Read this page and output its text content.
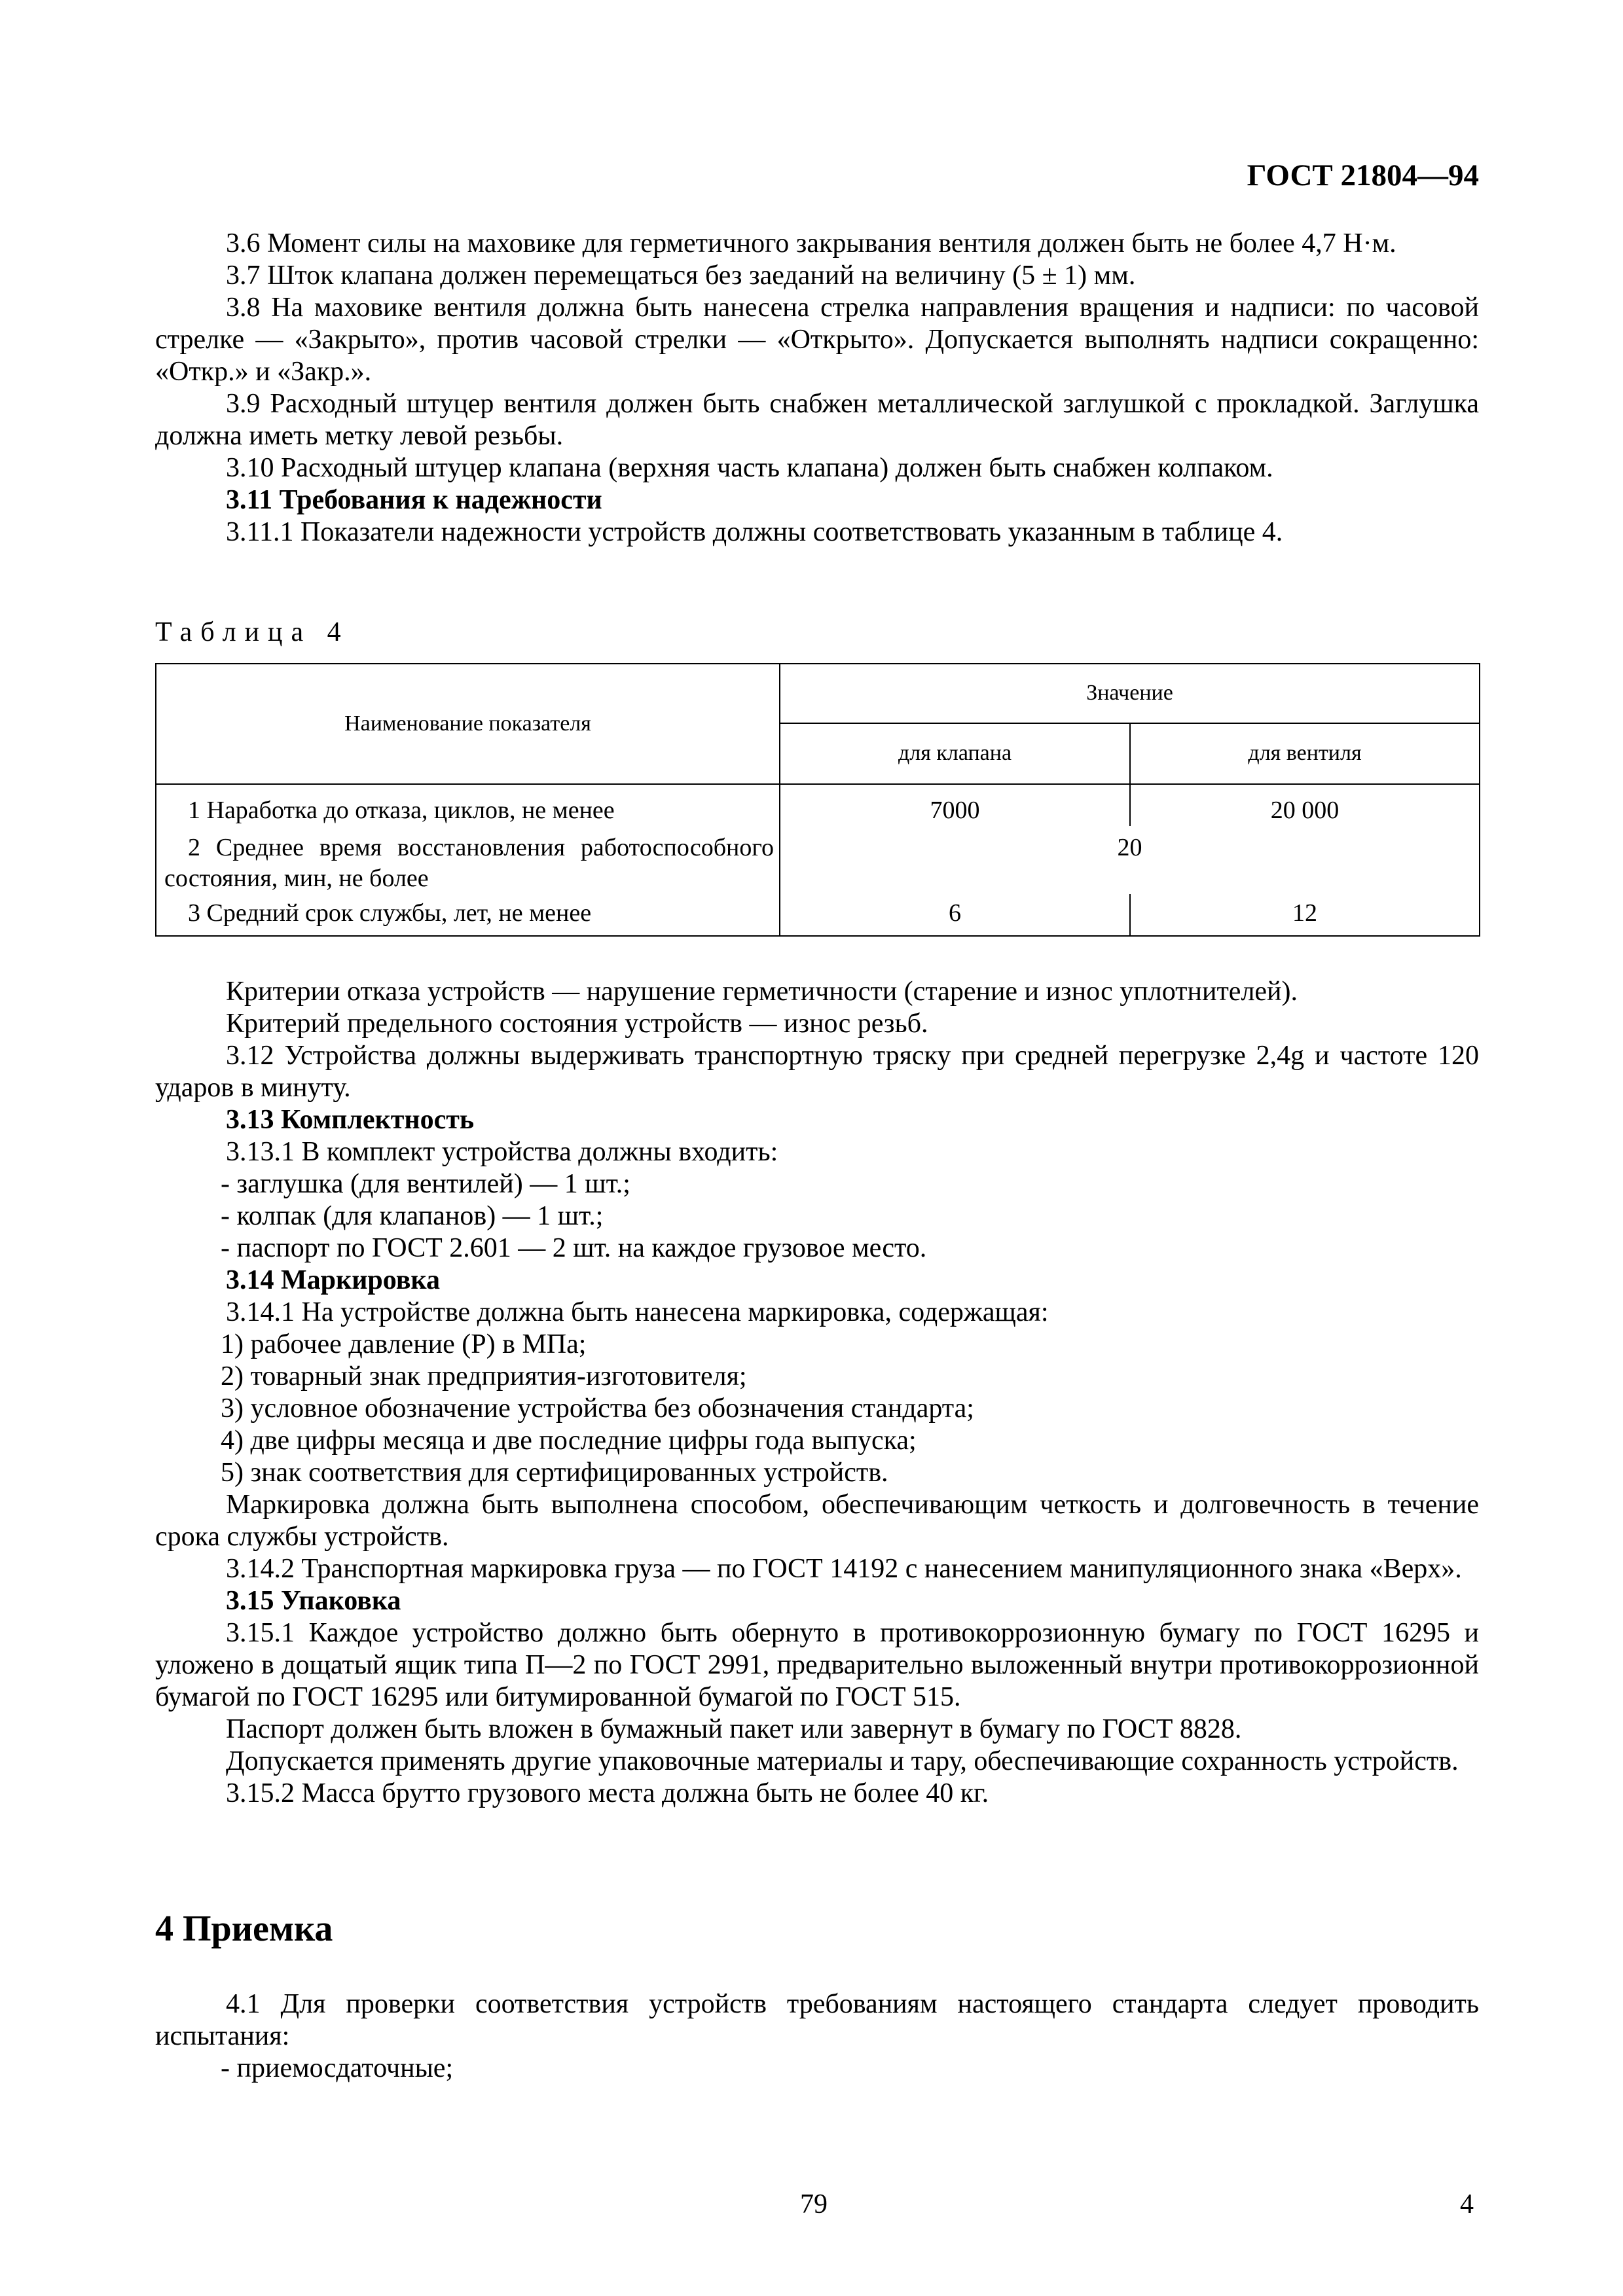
ГОСТ 21804—94
3.6 Момент силы на маховике для герметичного закрывания вентиля должен быть не более 4,7 Н·м.
3.7 Шток клапана должен перемещаться без заеданий на величину (5 ± 1) мм.
3.8 На маховике вентиля должна быть нанесена стрелка направления вращения и надписи: по часовой стрелке — «Закрыто», против часовой стрелки — «Открыто». Допускается выполнять надписи сокращенно: «Откр.» и «Закр.».
3.9 Расходный штуцер вентиля должен быть снабжен металлической заглушкой с прокладкой. Заглушка должна иметь метку левой резьбы.
3.10 Расходный штуцер клапана (верхняя часть клапана) должен быть снабжен колпаком.
3.11 Требования к надежности
3.11.1 Показатели надежности устройств должны соответствовать указанным в таблице 4.
Таблица 4
Наименование показателя	Значение	
	для клапана	для вентиля
1 Наработка до отказа, циклов, не менее	7000	20 000
2 Среднее время восстановления работоспособного состояния, мин, не более	20	
3 Средний срок службы, лет, не менее	6	12
Критерии отказа устройств — нарушение герметичности (старение и износ уплотнителей).
Критерий предельного состояния устройств — износ резьб.
3.12 Устройства должны выдерживать транспортную тряску при средней перегрузке 2,4g и частоте 120 ударов в минуту.
3.13 Комплектность
3.13.1 В комплект устройства должны входить:
- заглушка (для вентилей) — 1 шт.;
- колпак (для клапанов) — 1 шт.;
- паспорт по ГОСТ 2.601 — 2 шт. на каждое грузовое место.
3.14 Маркировка
3.14.1 На устройстве должна быть нанесена маркировка, содержащая:
1) рабочее давление (P) в МПа;
2) товарный знак предприятия-изготовителя;
3) условное обозначение устройства без обозначения стандарта;
4) две цифры месяца и две последние цифры года выпуска;
5) знак соответствия для сертифицированных устройств.
Маркировка должна быть выполнена способом, обеспечивающим четкость и долговечность в течение срока службы устройств.
3.14.2 Транспортная маркировка груза — по ГОСТ 14192 с нанесением манипуляционного знака «Верх».
3.15 Упаковка
3.15.1 Каждое устройство должно быть обернуто в противокоррозионную бумагу по ГОСТ 16295 и уложено в дощатый ящик типа П—2 по ГОСТ 2991, предварительно выложенный внутри противокоррозионной бумагой по ГОСТ 16295 или битумированной бумагой по ГОСТ 515.
Паспорт должен быть вложен в бумажный пакет или завернут в бумагу по ГОСТ 8828.
Допускается применять другие упаковочные материалы и тару, обеспечивающие сохранность устройств.
3.15.2 Масса брутто грузового места должна быть не более 40 кг.
4 Приемка
4.1 Для проверки соответствия устройств требованиям настоящего стандарта следует проводить испытания:
- приемосдаточные;
79	4
